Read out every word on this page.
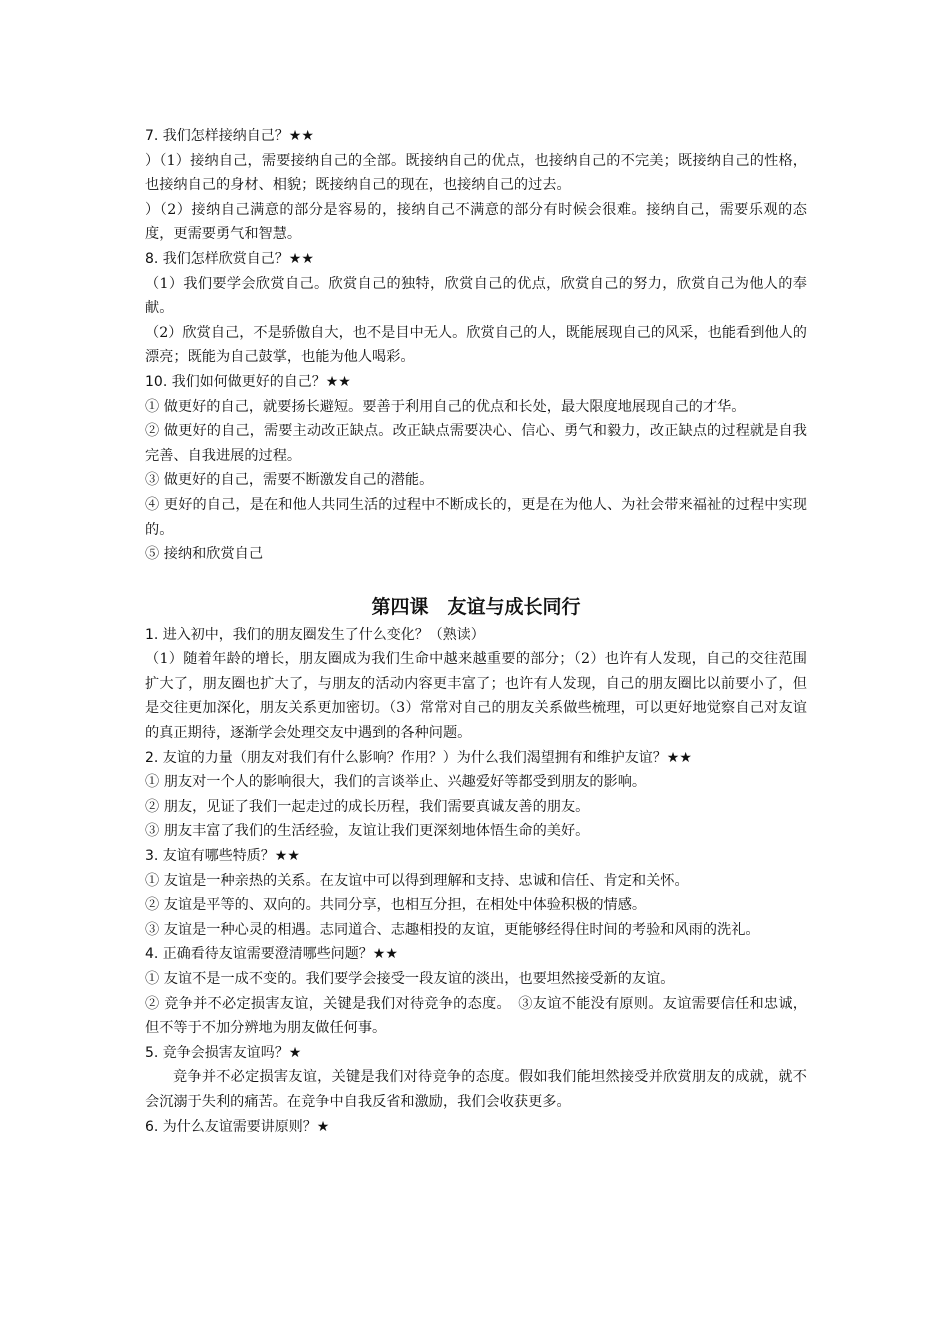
7. 我们怎样接纳自己？★★

）（1）接纳自己，需要接纳自己的全部。既接纳自己的优点，也接纳自己的不完美；既接纳自己的性格，也接纳自己的身材、相貌；既接纳自己的现在，也接纳自己的过去。

）（2）接纳自己满意的部分是容易的，接纳自己不满意的部分有时候会很难。接纳自己，需要乐观的态度，更需要勇气和智慧。

8. 我们怎样欣赏自己？★★

（1）我们要学会欣赏自己。欣赏自己的独特，欣赏自己的优点，欣赏自己的努力，欣赏自己为他人的奉献。

（2）欣赏自己，不是骄傲自大，也不是目中无人。欣赏自己的人，既能展现自己的风采，也能看到他人的漂亮；既能为自己鼓掌，也能为他人喝彩。

10. 我们如何做更好的自己？★★

① 做更好的自己，就要扬长避短。要善于利用自己的优点和长处，最大限度地展现自己的才华。

② 做更好的自己，需要主动改正缺点。改正缺点需要决心、信心、勇气和毅力，改正缺点的过程就是自我完善、自我进展的过程。

③ 做更好的自己，需要不断激发自己的潜能。

④ 更好的自己，是在和他人共同生活的过程中不断成长的，更是在为他人、为社会带来福祉的过程中实现的。

⑤ 接纳和欣赏自己

第四课　友谊与成长同行

1. 进入初中，我们的朋友圈发生了什么变化？（熟读）

（1）随着年龄的增长，朋友圈成为我们生命中越来越重要的部分；（2）也许有人发现，自己的交往范围扩大了，朋友圈也扩大了，与朋友的活动内容更丰富了；也许有人发现，自己的朋友圈比以前要小了，但是交往更加深化，朋友关系更加密切。（3）常常对自己的朋友关系做些梳理，可以更好地觉察自己对友谊的真正期待，逐渐学会处理交友中遇到的各种问题。

2. 友谊的力量（朋友对我们有什么影响？作用？）为什么我们渴望拥有和维护友谊？★★

① 朋友对一个人的影响很大，我们的言谈举止、兴趣爱好等都受到朋友的影响。

② 朋友，见证了我们一起走过的成长历程，我们需要真诚友善的朋友。

③ 朋友丰富了我们的生活经验，友谊让我们更深刻地体悟生命的美好。

3. 友谊有哪些特质？★★

① 友谊是一种亲热的关系。在友谊中可以得到理解和支持、忠诚和信任、肯定和关怀。

② 友谊是平等的、双向的。共同分享，也相互分担，在相处中体验积极的情感。

③ 友谊是一种心灵的相遇。志同道合、志趣相投的友谊，更能够经得住时间的考验和风雨的洗礼。

4. 正确看待友谊需要澄清哪些问题？★★

① 友谊不是一成不变的。我们要学会接受一段友谊的淡出，也要坦然接受新的友谊。

② 竞争并不必定损害友谊，关键是我们对待竞争的态度。　③友谊不能没有原则。友谊需要信任和忠诚，但不等于不加分辨地为朋友做任何事。

5. 竞争会损害友谊吗？★

竞争并不必定损害友谊，关键是我们对待竞争的态度。假如我们能坦然接受并欣赏朋友的成就，就不会沉溺于失利的痛苦。在竞争中自我反省和激励，我们会收获更多。

6. 为什么友谊需要讲原则？★
